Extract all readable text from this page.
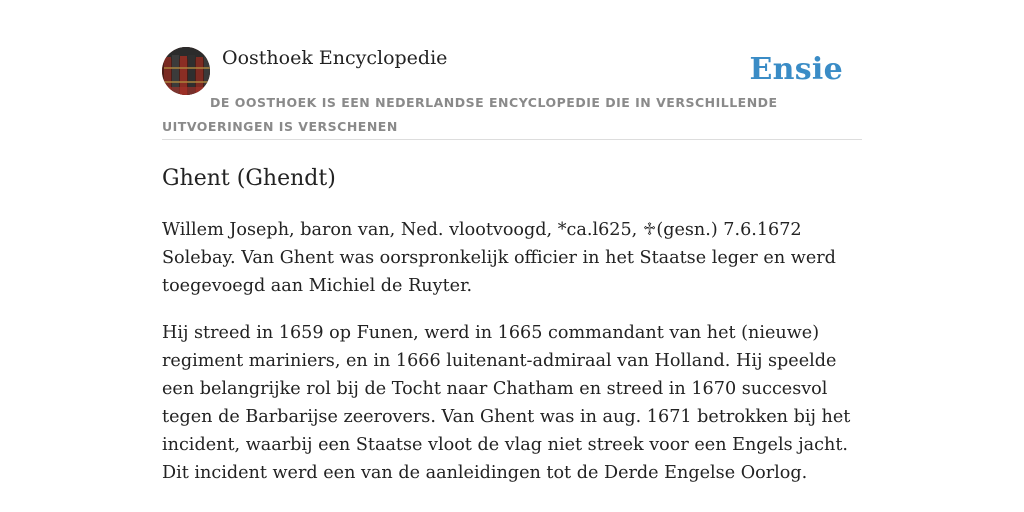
Oosthoek Encyclopedie	Ensie
DE OOSTHOEK IS EEN NEDERLANDSE ENCYCLOPEDIE DIE IN VERSCHILLENDE UITVOERINGEN IS VERSCHENEN
Ghent (Ghendt)

Willem Joseph, baron van, Ned. vlootvoogd, *ca.l625, ♱(gesn.) 7.6.1672 Solebay. Van Ghent was oorspronkelijk officier in het Staatse leger en werd toegevoegd aan Michiel de Ruyter.

Hij streed in 1659 op Funen, werd in 1665 commandant van het (nieuwe) regiment mariniers, en in 1666 luitenant-admiraal van Holland. Hij speelde een belangrijke rol bij de Tocht naar Chatham en streed in 1670 succesvol tegen de Barbarijse zeerovers. Van Ghent was in aug. 1671 betrokken bij het incident, waarbij een Staatse vloot de vlag niet streek voor een Engels jacht. Dit incident werd een van de aanleidingen tot de Derde Engelse Oorlog.
